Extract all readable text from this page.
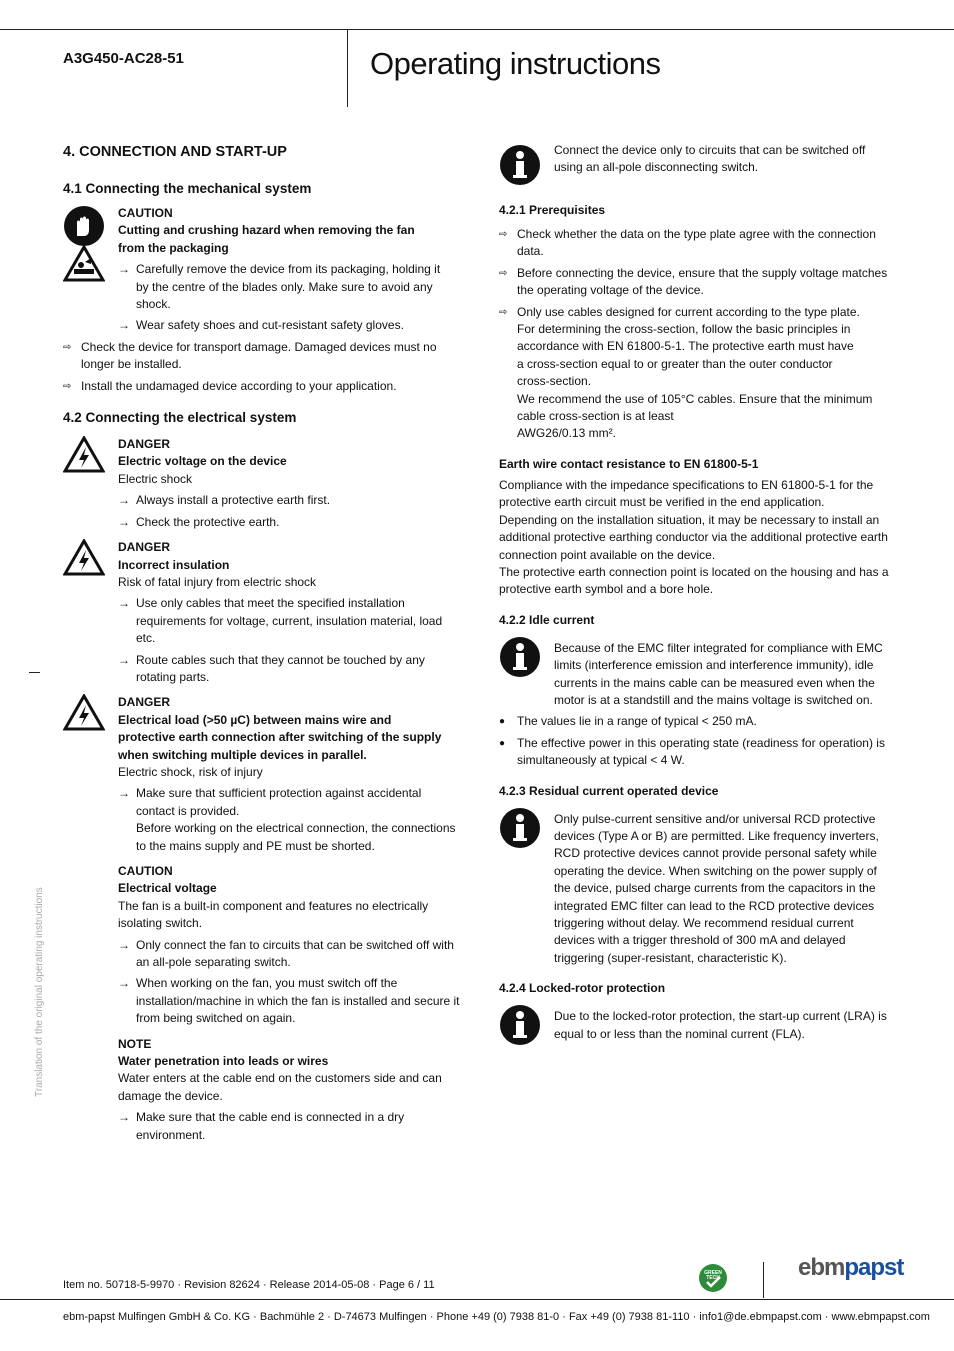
A3G450-AC28-51	Operating instructions
Translation of the original operating instructions
4. CONNECTION AND START-UP
4.1 Connecting the mechanical system
CAUTION
Cutting and crushing hazard when removing the fan from the packaging
→ Carefully remove the device from its packaging, holding it by the centre of the blades only. Make sure to avoid any shock.
→ Wear safety shoes and cut-resistant safety gloves.
⇨ Check the device for transport damage. Damaged devices must no longer be installed.
⇨ Install the undamaged device according to your application.
4.2 Connecting the electrical system
DANGER
Electric voltage on the device
Electric shock
→ Always install a protective earth first.
→ Check the protective earth.
DANGER
Incorrect insulation
Risk of fatal injury from electric shock
→ Use only cables that meet the specified installation requirements for voltage, current, insulation material, load etc.
→ Route cables such that they cannot be touched by any rotating parts.
DANGER
Electrical load (>50 µC) between mains wire and protective earth connection after switching of the supply when switching multiple devices in parallel.
Electric shock, risk of injury
→ Make sure that sufficient protection against accidental contact is provided.
Before working on the electrical connection, the connections to the mains supply and PE must be shorted.
CAUTION
Electrical voltage
The fan is a built-in component and features no electrically isolating switch.
→ Only connect the fan to circuits that can be switched off with an all-pole separating switch.
→ When working on the fan, you must switch off the installation/machine in which the fan is installed and secure it from being switched on again.
NOTE
Water penetration into leads or wires
Water enters at the cable end on the customers side and can damage the device.
→ Make sure that the cable end is connected in a dry environment.
Connect the device only to circuits that can be switched off using an all-pole disconnecting switch.
4.2.1 Prerequisites
⇨ Check whether the data on the type plate agree with the connection data.
⇨ Before connecting the device, ensure that the supply voltage matches the operating voltage of the device.
⇨ Only use cables designed for current according to the type plate.
For determining the cross-section, follow the basic principles in accordance with EN 61800-5-1. The protective earth must have a cross-section equal to or greater than the outer conductor cross-section.
We recommend the use of 105°C cables. Ensure that the minimum cable cross-section is at least
AWG26/0.13 mm².
Earth wire contact resistance to EN 61800-5-1
Compliance with the impedance specifications to EN 61800-5-1 for the protective earth circuit must be verified in the end application.
Depending on the installation situation, it may be necessary to install an additional protective earthing conductor via the additional protective earth connection point available on the device.
The protective earth connection point is located on the housing and has a protective earth symbol and a bore hole.
4.2.2 Idle current
Because of the EMC filter integrated for compliance with EMC limits (interference emission and interference immunity), idle currents in the mains cable can be measured even when the motor is at a standstill and the mains voltage is switched on.
● The values lie in a range of typical < 250 mA.
● The effective power in this operating state (readiness for operation) is simultaneously at typical < 4 W.
4.2.3 Residual current operated device
Only pulse-current sensitive and/or universal RCD protective devices (Type A or B) are permitted. Like frequency inverters, RCD protective devices cannot provide personal safety while operating the device. When switching on the power supply of the device, pulsed charge currents from the capacitors in the integrated EMC filter can lead to the RCD protective devices triggering without delay. We recommend residual current devices with a trigger threshold of 300 mA and delayed triggering (super-resistant, characteristic K).
4.2.4 Locked-rotor protection
Due to the locked-rotor protection, the start-up current (LRA) is equal to or less than the nominal current (FLA).
Item no. 50718-5-9970 · Revision 82624 · Release 2014-05-08 · Page 6 / 11
GREEN
TECH	ebmpapst
ebm-papst Mulfingen GmbH & Co. KG · Bachmühle 2 · D-74673 Mulfingen · Phone +49 (0) 7938 81-0 · Fax +49 (0) 7938 81-110 · info1@de.ebmpapst.com · www.ebmpapst.com
